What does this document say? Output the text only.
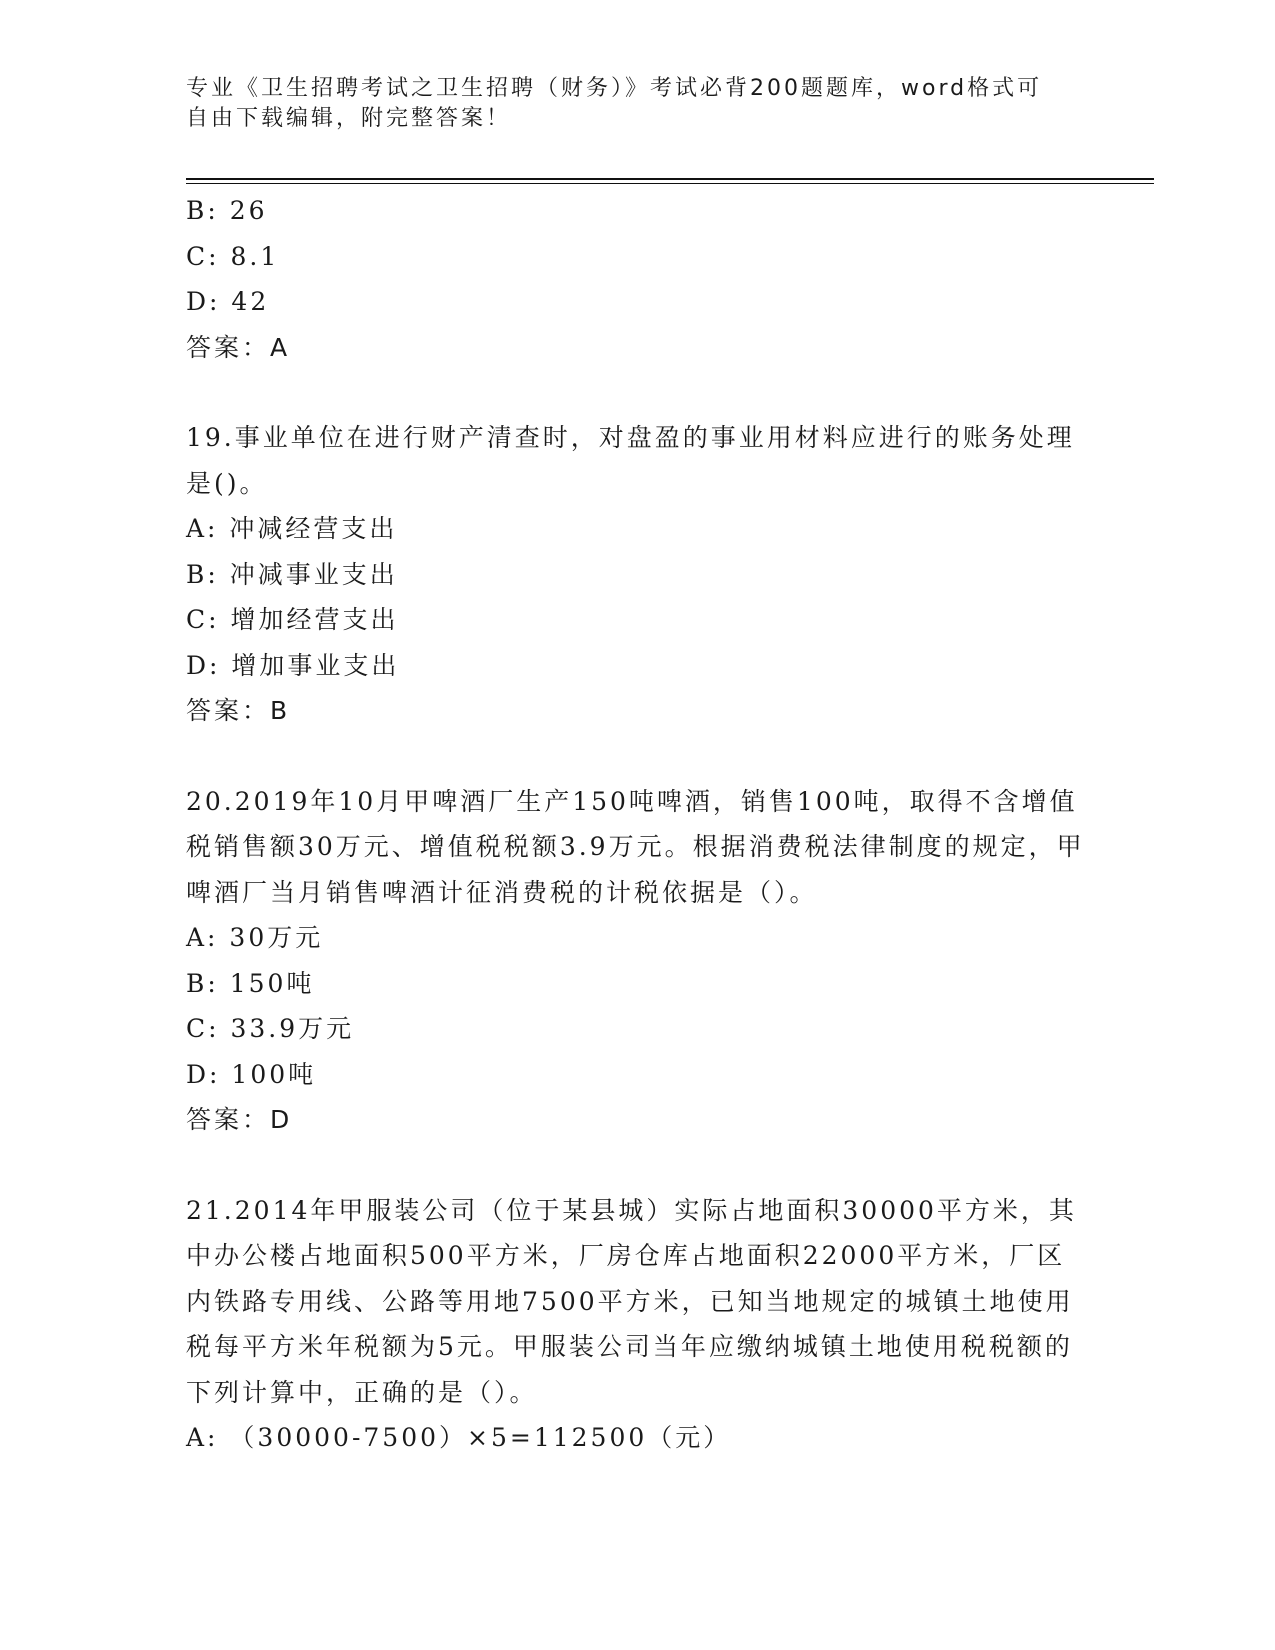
专业《卫生招聘考试之卫生招聘（财务）》考试必背200题题库，word格式可自由下载编辑，附完整答案！
B: 26
C: 8.1
D: 42
答案：A
19.事业单位在进行财产清查时，对盘盈的事业用材料应进行的账务处理是()。
A: 冲减经营支出
B: 冲减事业支出
C: 增加经营支出
D: 增加事业支出
答案：B
20.2019年10月甲啤酒厂生产150吨啤酒，销售100吨，取得不含增值税销售额30万元、增值税税额3.9万元。根据消费税法律制度的规定，甲啤酒厂当月销售啤酒计征消费税的计税依据是（）。
A: 30万元
B: 150吨
C: 33.9万元
D: 100吨
答案：D
21.2014年甲服装公司（位于某县城）实际占地面积30000平方米，其中办公楼占地面积500平方米，厂房仓库占地面积22000平方米，厂区内铁路专用线、公路等用地7500平方米，已知当地规定的城镇土地使用税每平方米年税额为5元。甲服装公司当年应缴纳城镇土地使用税税额的下列计算中，正确的是（）。
A: （30000-7500）×5=112500（元）
